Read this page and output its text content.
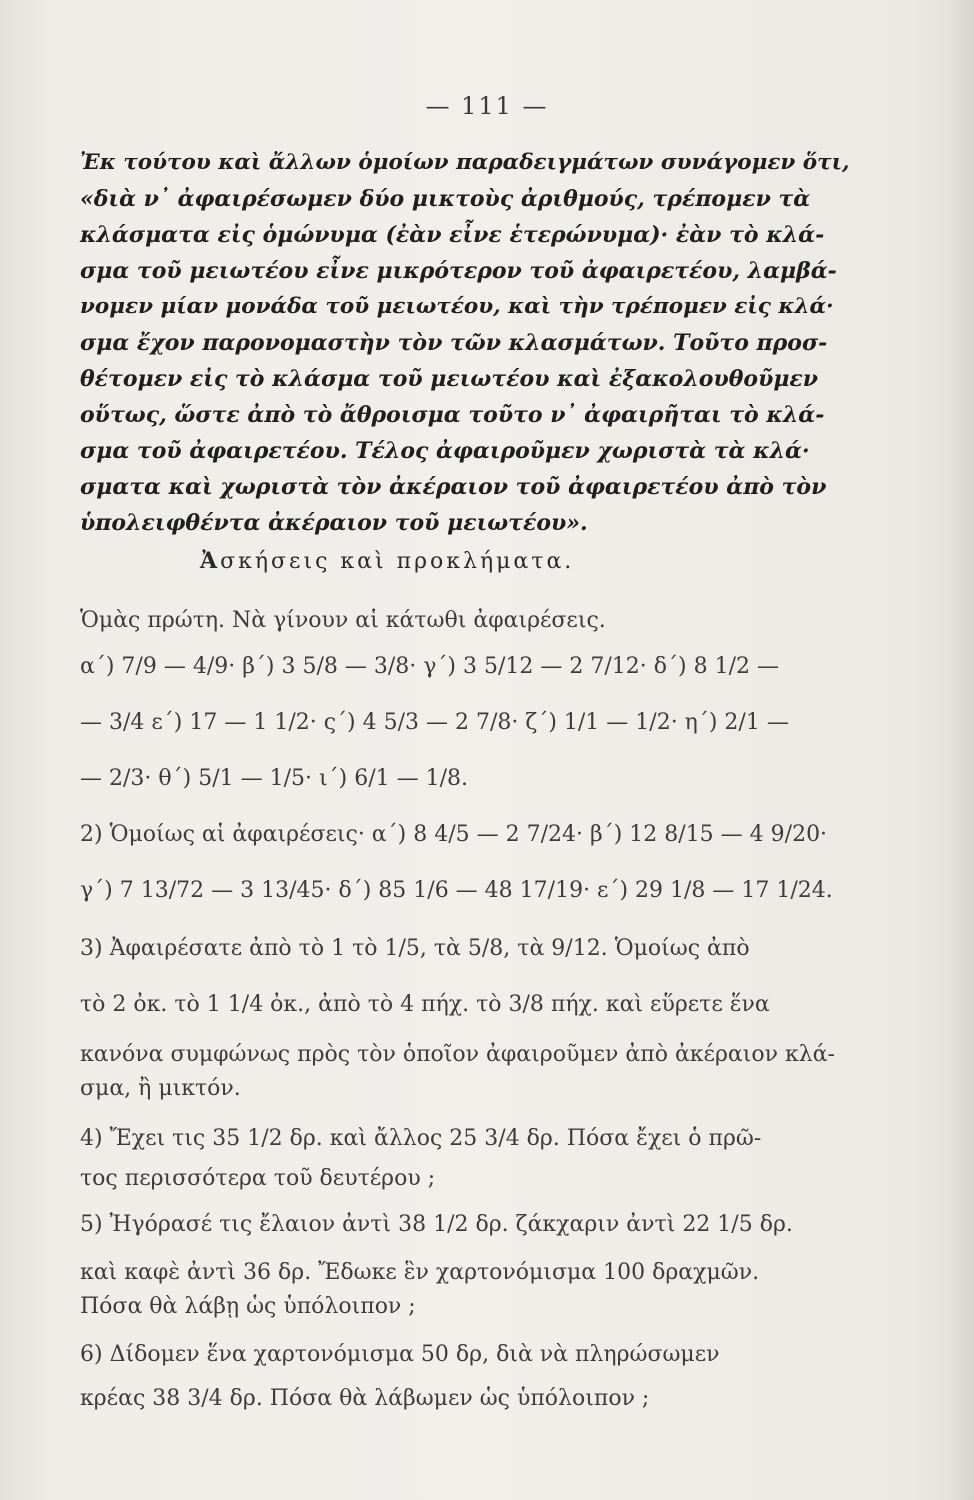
— 111 —
Ἐκ τούτου καὶ ἄλλων ὁμοίων παραδειγμάτων συνάγομεν ὅτι,
«διὰ ν᾽ ἀφαιρέσωμεν δύο μικτοὺς ἀριθμούς, τρέπομεν τὰ
κλάσματα εἰς ὁμώνυμα (ἐὰν εἶνε ἑτερώνυμα)· ἐὰν τὸ κλά-
σμα τοῦ μειωτέου εἶνε μικρότερον τοῦ ἀφαιρετέου, λαμβά-
νομεν μίαν μονάδα τοῦ μειωτέου, καὶ τὴν τρέπομεν εἰς κλά·
σμα ἔχον παρονομαστὴν τὸν τῶν κλασμάτων. Τοῦτο προσ-
θέτομεν εἰς τὸ κλάσμα τοῦ μειωτέου καὶ ἐξακολουθοῦμεν
οὕτως, ὥστε ἀπὸ τὸ ἄθροισμα τοῦτο ν᾽ ἀφαιρῆται τὸ κλά-
σμα τοῦ ἀφαιρετέου. Τέλος ἀφαιροῦμεν χωριστὰ τὰ κλά·
σματα καὶ χωριστὰ τὸν ἀκέραιον τοῦ ἀφαιρετέου ἀπὸ τὸν
ὑπολειφθέντα ἀκέραιον τοῦ μειωτέου».
Ἀσκήσεις καὶ προκλήματα.
Ὁμὰς πρώτη. Νὰ γίνουν αἱ κάτωθι ἀφαιρέσεις.
α΄) 7/9 — 4/9· β΄) 3 5/8 — 3/8· γ΄) 3 5/12 — 2 7/12· δ΄) 8 1/2 —
— 3/4 ε΄) 17 — 1 1/2· ς΄) 4 5/3 — 2 7/8· ζ΄) 1/1 — 1/2· η΄) 2/1 —
— 2/3· θ΄) 5/1 — 1/5· ι΄) 6/1 — 1/8.
2) Ὁμοίως αἱ ἀφαιρέσεις· α΄) 8 4/5 — 2 7/24· β΄) 12 8/15 — 4 9/20·
γ΄) 7 13/72 — 3 13/45· δ΄) 85 1/6 — 48 17/19· ε΄) 29 1/8 — 17 1/24.
3) Ἀφαιρέσατε ἀπὸ τὸ 1 τὸ 1/5, τὰ 5/8, τὰ 9/12. Ὁμοίως ἀπὸ
τὸ 2 ὀκ. τὸ 1 1/4 ὀκ., ἀπὸ τὸ 4 πήχ. τὸ 3/8 πήχ. καὶ εὕρετε ἕνα
κανόνα συμφώνως πρὸς τὸν ὁποῖον ἀφαιροῦμεν ἀπὸ ἀκέραιον κλά-
σμα, ἢ μικτόν.
4) Ἔχει τις 35 1/2 δρ. καὶ ἄλλος 25 3/4 δρ. Πόσα ἔχει ὁ πρῶ-
τος περισσότερα τοῦ δευτέρου ;
5) Ἠγόρασέ τις ἔλαιον ἀντὶ 38 1/2 δρ. ζάκχαριν ἀντὶ 22 1/5 δρ.
καὶ καφὲ ἀντὶ 36 δρ. Ἔδωκε ἓν χαρτονόμισμα 100 δραχμῶν.
Πόσα θὰ λάβῃ ὡς ὑπόλοιπον ;
6) Δίδομεν ἕνα χαρτονόμισμα 50 δρ, διὰ νὰ πληρώσωμεν
κρέας 38 3/4 δρ. Πόσα θὰ λάβωμεν ὡς ὑπόλοιπον ;
